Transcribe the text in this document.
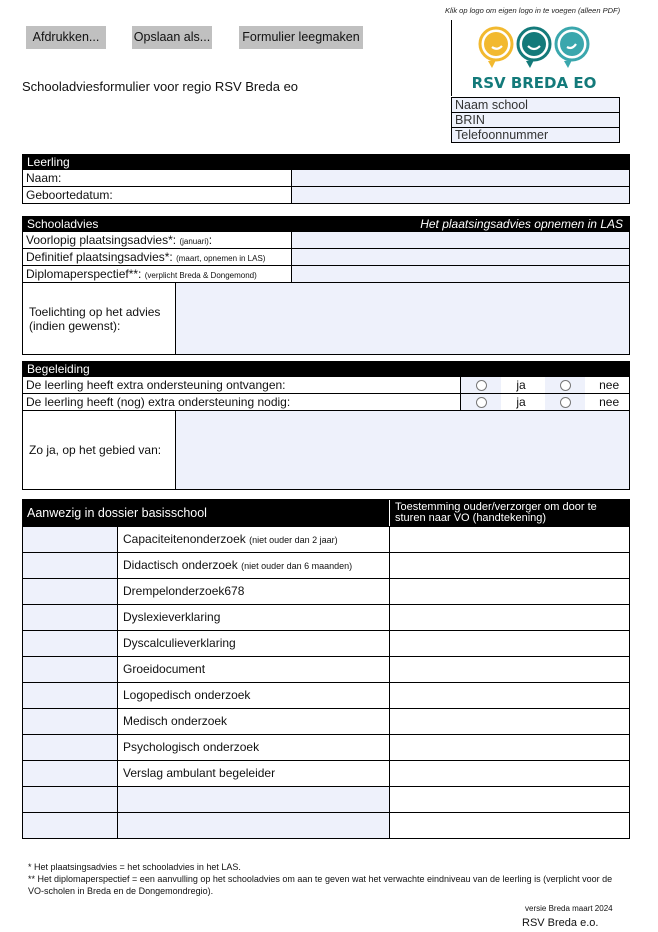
Afdrukken...	Opslaan als...	Formulier leegmaken
Schooladviesformulier voor regio RSV Breda eo
Klik op logo om eigen logo in te voegen (alleen PDF)
RSV BREDA EO
Naam school
BRIN
Telefoonnummer
Leerling
Naam:
Geboortedatum:
Schooladvies	Het plaatsingsadvies opnemen in LAS
Voorlopig plaatsingsadvies*: (januari):
Definitief plaatsingsadvies*: (maart, opnemen in LAS)
Diplomaperspectief**: (verplicht Breda & Dongemond)
Toelichting op het advies (indien gewenst):
Begeleiding
De leerling heeft extra ondersteuning ontvangen:	ja	nee
De leerling heeft (nog) extra ondersteuning nodig:	ja	nee
Zo ja, op het gebied van:
Aanwezig in dossier basisschool	Toestemming ouder/verzorger om door te sturen naar VO (handtekening)
Capaciteitenonderzoek (niet ouder dan 2 jaar)
Didactisch onderzoek (niet ouder dan 6 maanden)
Drempelonderzoek678
Dyslexieverklaring
Dyscalculieverklaring
Groeidocument
Logopedisch onderzoek
Medisch onderzoek
Psychologisch onderzoek
Verslag ambulant begeleider
* Het plaatsingsadvies = het schooladvies in het LAS.
** Het diplomaperspectief = een aanvulling op het schooladvies om aan te geven wat het verwachte eindniveau van de leerling is (verplicht voor de VO-scholen in Breda en de Dongemondregio).
versie Breda maart 2024
RSV Breda e.o.
